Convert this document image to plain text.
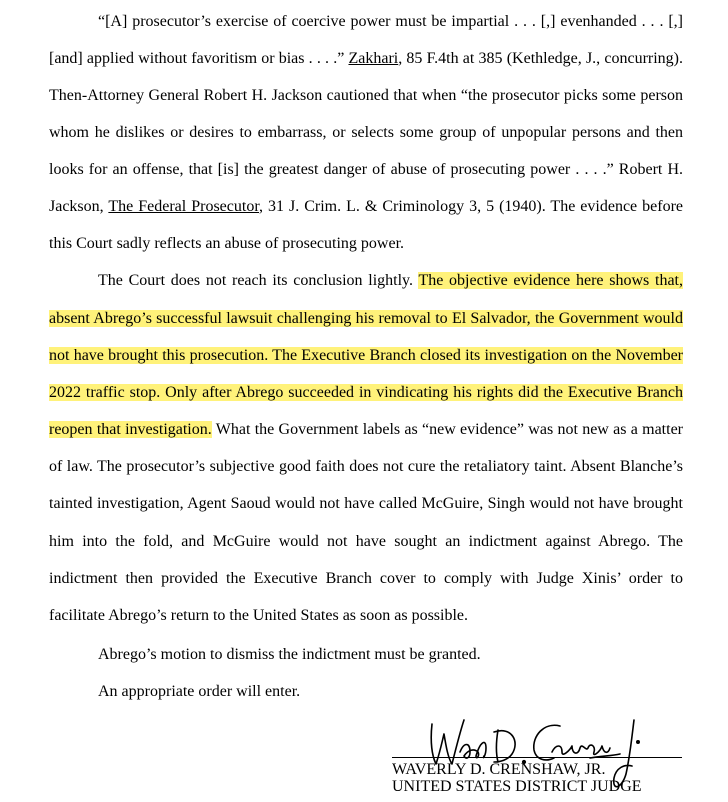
“[A] prosecutor’s exercise of coercive power must be impartial . . . [,] evenhanded . . . [,]
[and] applied without favoritism or bias . . . .” Zakhari, 85 F.4th at 385 (Kethledge, J., concurring).
Then-Attorney General Robert H. Jackson cautioned that when “the prosecutor picks some person
whom he dislikes or desires to embarrass, or selects some group of unpopular persons and then
looks for an offense, that [is] the greatest danger of abuse of prosecuting power . . . .” Robert H.
Jackson, The Federal Prosecutor, 31 J. Crim. L. & Criminology 3, 5 (1940). The evidence before
this Court sadly reflects an abuse of prosecuting power.
The Court does not reach its conclusion lightly. The objective evidence here shows that,
absent Abrego’s successful lawsuit challenging his removal to El Salvador, the Government would
not have brought this prosecution. The Executive Branch closed its investigation on the November
2022 traffic stop. Only after Abrego succeeded in vindicating his rights did the Executive Branch
reopen that investigation. What the Government labels as “new evidence” was not new as a matter
of law. The prosecutor’s subjective good faith does not cure the retaliatory taint. Absent Blanche’s
tainted investigation, Agent Saoud would not have called McGuire, Singh would not have brought
him into the fold, and McGuire would not have sought an indictment against Abrego. The
indictment then provided the Executive Branch cover to comply with Judge Xinis’ order to
facilitate Abrego’s return to the United States as soon as possible.
Abrego’s motion to dismiss the indictment must be granted.
An appropriate order will enter.
WAVERLY D. CRENSHAW, JR.
UNITED STATES DISTRICT JUDGE
